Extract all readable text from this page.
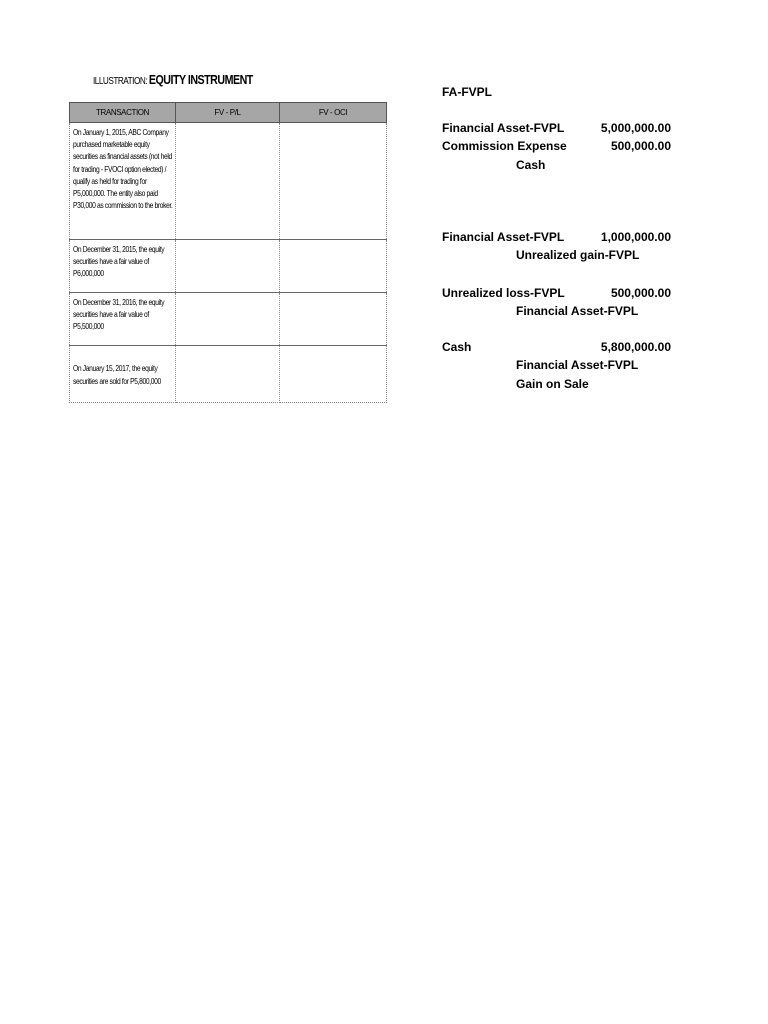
ILLUSTRATION: EQUITY INSTRUMENT
TRANSACTION	FV - P/L	FV - OCI

On January 1, 2015, ABC Company purchased marketable equity securities as financial assets (not held for trading - FVOCI option elected) / qualify as held for trading for P5,000,000. The entity also paid P30,000 as commission to the broker.		

On December 31, 2015, the equity securities have a fair value of P6,000,000		

On December 31, 2016, the equity securities have a fair value of P5,500,000		

On January 15, 2017, the equity securities are sold for P5,800,000		

FA-FVPL
Financial Asset-FVPL	5,000,000.00
Commission Expense	500,000.00
Cash
Financial Asset-FVPL	1,000,000.00
Unrealized gain-FVPL
Unrealized loss-FVPL	500,000.00
Financial Asset-FVPL
Cash	5,800,000.00
Financial Asset-FVPL
Gain on Sale
